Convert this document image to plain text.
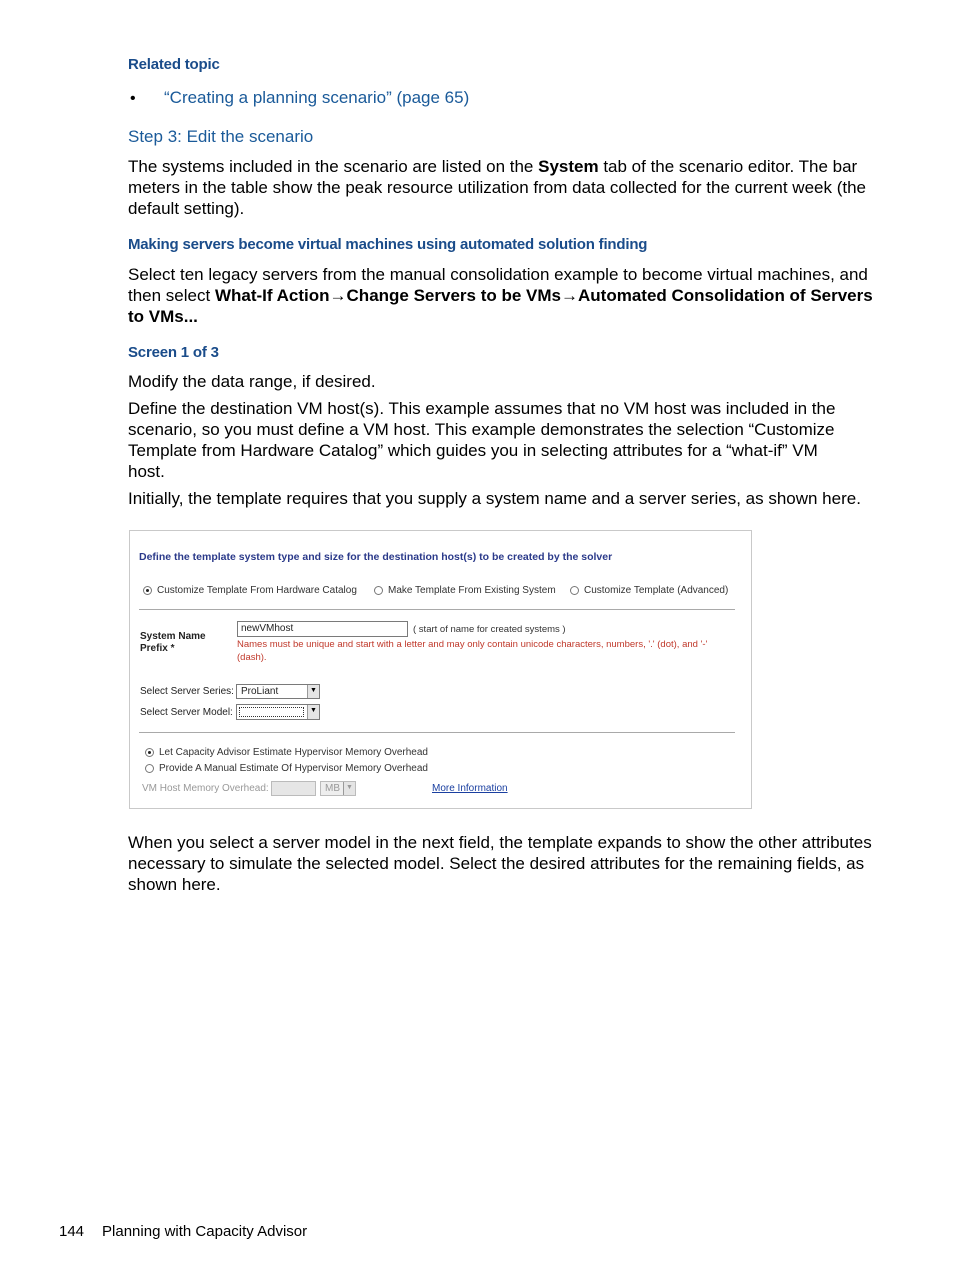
Related topic
• “Creating a planning scenario” (page 65)
Step 3: Edit the scenario
The systems included in the scenario are listed on the System tab of the scenario editor. The bar meters in the table show the peak resource utilization from data collected for the current week (the default setting).
Making servers become virtual machines using automated solution finding
Select ten legacy servers from the manual consolidation example to become virtual machines, and then select What-If Action→Change Servers to be VMs→Automated Consolidation of Servers to VMs...
Screen 1 of 3
Modify the data range, if desired.
Define the destination VM host(s). This example assumes that no VM host was included in the scenario, so you must define a VM host. This example demonstrates the selection “Customize Template from Hardware Catalog” which guides you in selecting attributes for a “what-if” VM host.
Initially, the template requires that you supply a system name and a server series, as shown here.
Define the template system type and size for the destination host(s) to be created by the solver
Customize Template From Hardware Catalog	Make Template From Existing System	Customize Template (Advanced)
System Name Prefix *
newVMhost	( start of name for created systems )
Names must be unique and start with a letter and may only contain unicode characters, numbers, '.' (dot), and '-' (dash).
Select Server Series: ProLiant	▼
Select Server Model:	▼
Let Capacity Advisor Estimate Hypervisor Memory Overhead
Provide A Manual Estimate Of Hypervisor Memory Overhead
VM Host Memory Overhead:	MB ▼	More Information
When you select a server model in the next field, the template expands to show the other attributes necessary to simulate the selected model. Select the desired attributes for the remaining fields, as shown here.
144 Planning with Capacity Advisor
